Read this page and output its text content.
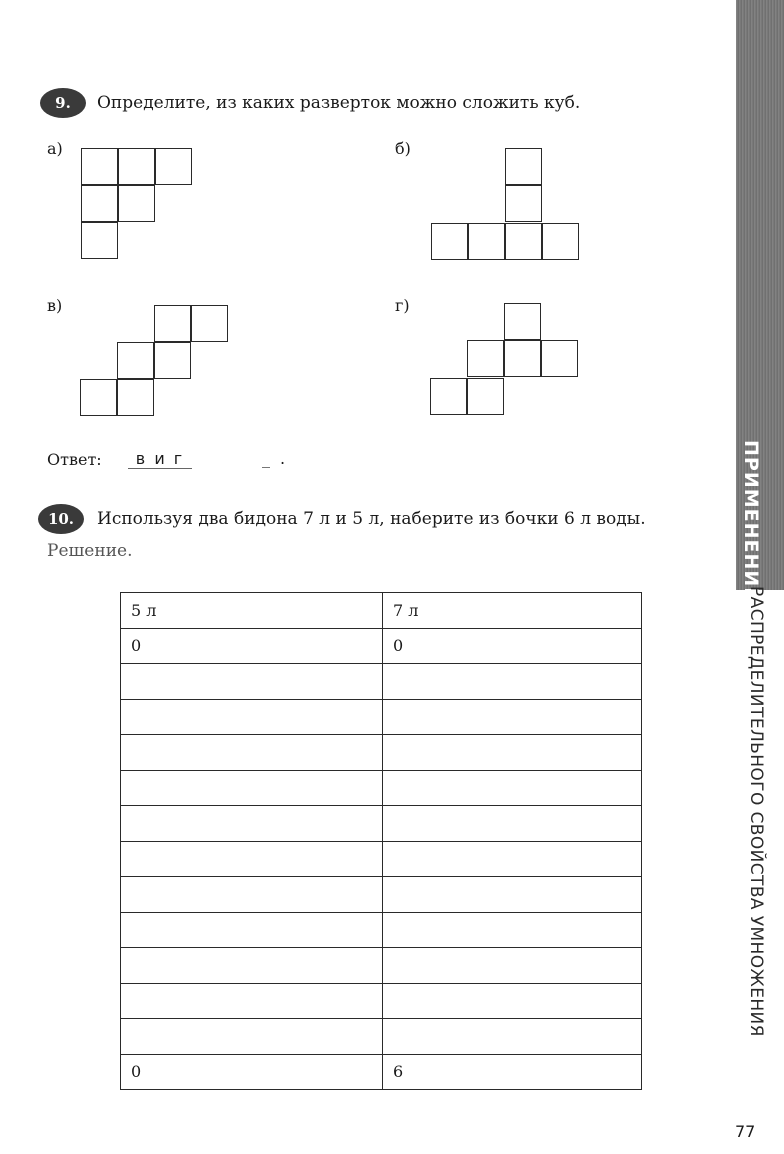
9.	Определите, из каких разверток можно сложить куб.
а)	б)
в)	г)
Ответ:	в и г	_.
10.	Используя два бидона 7 л и 5 л, наберите из бочки 6 л воды.
Решение.
5 л	7 л
0	0

0	6
ПРИМЕНЕНИЕ
РАСПРЕДЕЛИТЕЛЬНОГО СВОЙСТВА УМНОЖЕНИЯ
77
